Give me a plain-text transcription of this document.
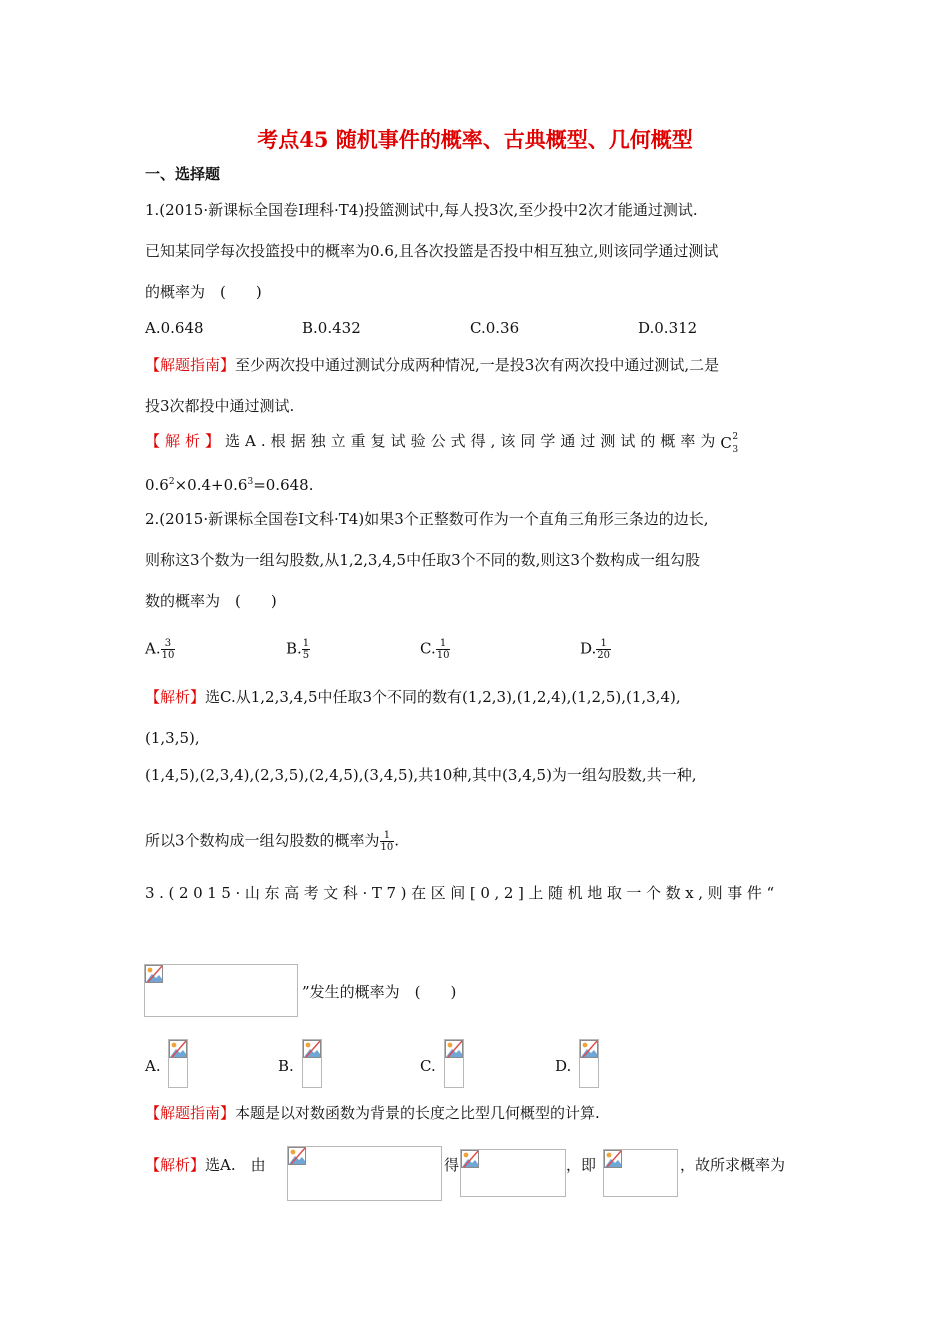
考点45 随机事件的概率、古典概型、几何概型
一、选择题
1.(2015·新课标全国卷Ⅰ理科·T4)投篮测试中,每人投3次,至少投中2次才能通过测试.
已知某同学每次投篮投中的概率为0.6,且各次投篮是否投中相互独立,则该同学通过测试
的概率为　(　　)
A.0.648	B.0.432	C.0.36	D.0.312
【解题指南】至少两次投中通过测试分成两种情况,一是投3次有两次投中通过测试,二是
投3次都投中通过测试.
【解析】选A.根据独立重复试验公式得,该同学通过测试的概率为 C 2
3
$0.6^2\times 0.4+0.6^3=0.648$.
2.(2015·新课标全国卷Ⅰ文科·T4)如果3个正整数可作为一个直角三角形三条边的边长,
则称这3个数为一组勾股数,从1,2,3,4,5中任取3个不同的数,则这3个数构成一组勾股
数的概率为　(　　)
A. $\frac{3}{10}$	B. $\frac{1}{5}$	C. $\frac{1}{10}$	D. $\frac{1}{20}$
【解析】选C.从1,2,3,4,5中任取3个不同的数有(1,2,3),(1,2,4),(1,2,5),(1,3,4),
(1,3,5),
(1,4,5),(2,3,4),(2,3,5),(2,4,5),(3,4,5),共10种,其中(3,4,5)为一组勾股数,共一种,
所以3个数构成一组勾股数的概率为 $\frac{1}{10}$ .
3.(2015·山东高考文科·T7)在区间[0,2]上随机地取一个数x,则事件“
”发生的概率为　(　　)
A.	B.	C.	D.
【解题指南】本题是以对数函数为背景的长度之比型几何概型的计算.
【解析】选A.　由	得	，即	，故所求概率为
